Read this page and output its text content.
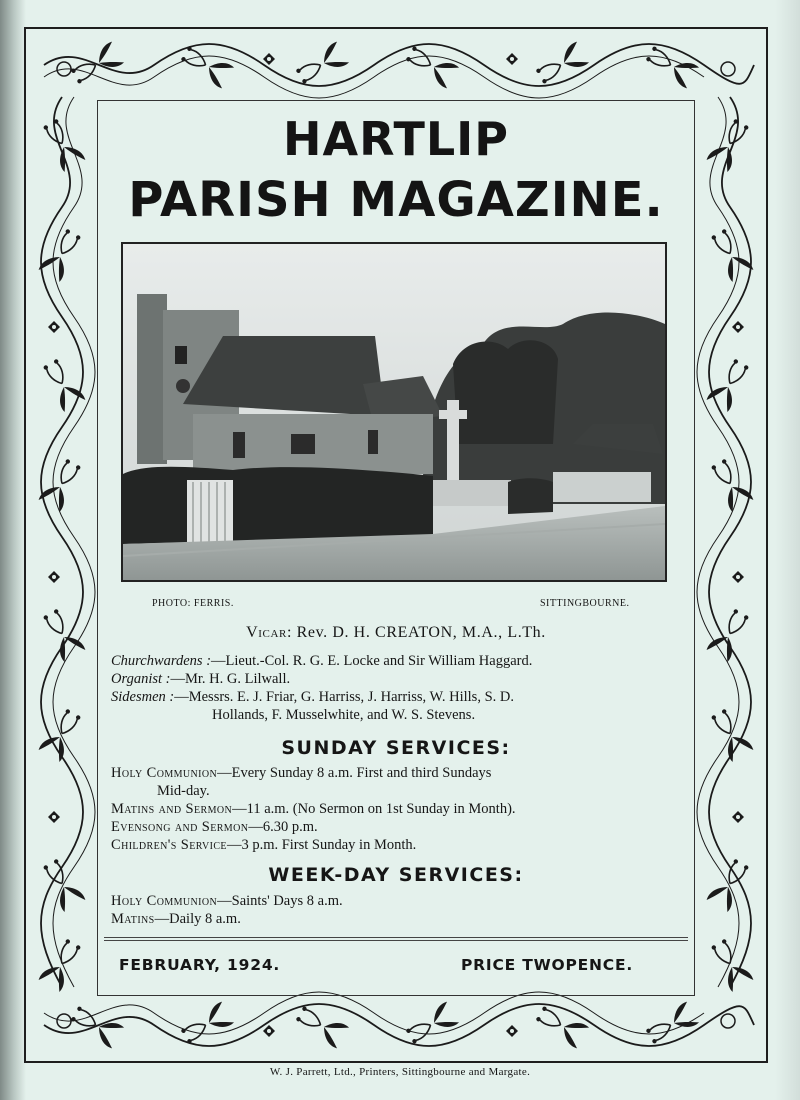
HARTLIP
PARISH MAGAZINE.
PHOTO: FERRIS.	SITTINGBOURNE.
Vicar: Rev. D. H. CREATON, M.A., L.Th.
Churchwardens :—Lieut.-Col. R. G. E. Locke and Sir William Haggard.
Organist :—Mr. H. G. Lilwall.
Sidesmen :—Messrs. E. J. Friar, G. Harriss, J. Harriss, W. Hills, S. D.
Hollands, F. Musselwhite, and W. S. Stevens.
SUNDAY SERVICES:
Holy Communion—Every Sunday 8 a.m. First and third Sundays
Mid-day.
Matins and Sermon—11 a.m. (No Sermon on 1st Sunday in Month).
Evensong and Sermon—6.30 p.m.
Children's Service—3 p.m. First Sunday in Month.
WEEK-DAY SERVICES:
Holy Communion—Saints' Days 8 a.m.
Matins—Daily 8 a.m.
FEBRUARY, 1924.	PRICE TWOPENCE.
W. J. Parrett, Ltd., Printers, Sittingbourne and Margate.
